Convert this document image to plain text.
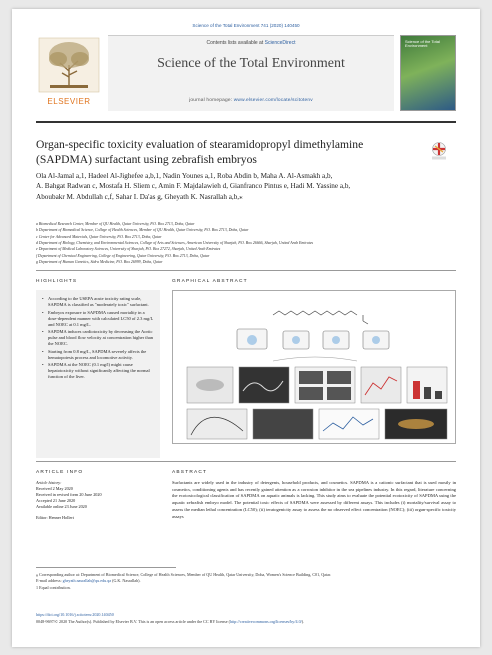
Science of the Total Environment 741 (2020) 140450
ELSEVIER
Contents lists available at ScienceDirect
Science of the Total Environment
journal homepage: www.elsevier.com/locate/scitotenv
Science of the Total Environment
Organ-specific toxicity evaluation of stearamidopropyl dimethylamine (SAPDMA) surfactant using zebrafish embryos
Ola Al-Jamal a,1, Hadeel Al-Jighefee a,b,1, Nadin Younes a,1, Roba Abdin b, Maha A. Al-Asmakh a,b,
A. Bahgat Radwan c, Mostafa H. Sliem c, Amin F. Majdalawieh d, Gianfranco Pintus e, Hadi M. Yassine a,b,
Aboubakr M. Abdullah c,f, Sahar I. Da'as g, Gheyath K. Nasrallah a,b,⁎
a Biomedical Research Center, Member of QU Health, Qatar University, P.O. Box 2713, Doha, Qatar
b Department of Biomedical Science, College of Health Sciences, Member of QU Health, Qatar University, P.O. Box 2713, Doha, Qatar
c Center for Advanced Materials, Qatar University, P.O. Box 2713, Doha, Qatar
d Department of Biology, Chemistry, and Environmental Sciences, College of Arts and Sciences, American University of Sharjah, P.O. Box 26666, Sharjah, United Arab Emirates
e Department of Medical Laboratory Sciences, University of Sharjah, P.O. Box 27272, Sharjah, United Arab Emirates
f Department of Chemical Engineering, College of Engineering, Qatar University, P.O. Box 2713, Doha, Qatar
g Department of Human Genetics, Sidra Medicine, P.O. Box 26999, Doha, Qatar
HIGHLIGHTS	GRAPHICAL ABSTRACT
• According to the USEPA acute toxicity rating scale, SAPDMA is classified as "moderately toxic" surfactant.
• Embryos exposure to SAPDMA caused mortality in a dose-dependent manner with calculated LC50 of 2.3 mg/L and NOEC at 0.1 mg/L.
• SAPDMA induces cardiotoxicity by decreasing the Aortic pulse and blood flow velocity at concentration higher than the NOEC.
• Starting from 0.8 mg/L, SAPDMA severely affects the hematopoiesis process and locomotive activity.
• SAPDMA at the NOEC (0.1 mg/l) might cause hepatotoxicity without significantly affecting the normal function of the liver.
ARTICLE INFO	ABSTRACT
Article history:
Received 2 May 2020
Received in revised form 20 June 2020
Accepted 21 June 2020
Available online 23 June 2020
Editor: Henner Hollert
Surfactants are widely used in the industry of detergents, household products, and cosmetics. SAPDMA is a cationic surfactant that is used mostly in cosmetics, conditioning agents and has recently gained attention as a corrosion inhibitor in the sea pipelines industry. In this regard, literature concerning the ecotoxicological classification of SAPDMA on aquatic animals is lacking. This study aims to evaluate the potential ecotoxicity of SAPDMA using the aquatic zebrafish embryo model. The potential toxic effects of SAPDMA were assessed by different assays. This includes (i) mortality/survival assay to assess the median lethal concentration (LC50); (ii) teratogenicity assay to assess the no observed effect concentration (NOEC); (iii) organ-specific toxicity assays
⁎ Corresponding author at: Department of Biomedical Science, College of Health Sciences, Member of QU Health, Qatar University, Doha, Women's Science Building, C01, Qatar.
E-mail address: gheyath.nasrallah@qu.edu.qa (G.K. Nasrallah).
1 Equal contribution.
https://doi.org/10.1016/j.scitotenv.2020.140450
0048-9697/© 2020 The Author(s). Published by Elsevier B.V. This is an open access article under the CC BY license (http://creativecommons.org/licenses/by/4.0/).
